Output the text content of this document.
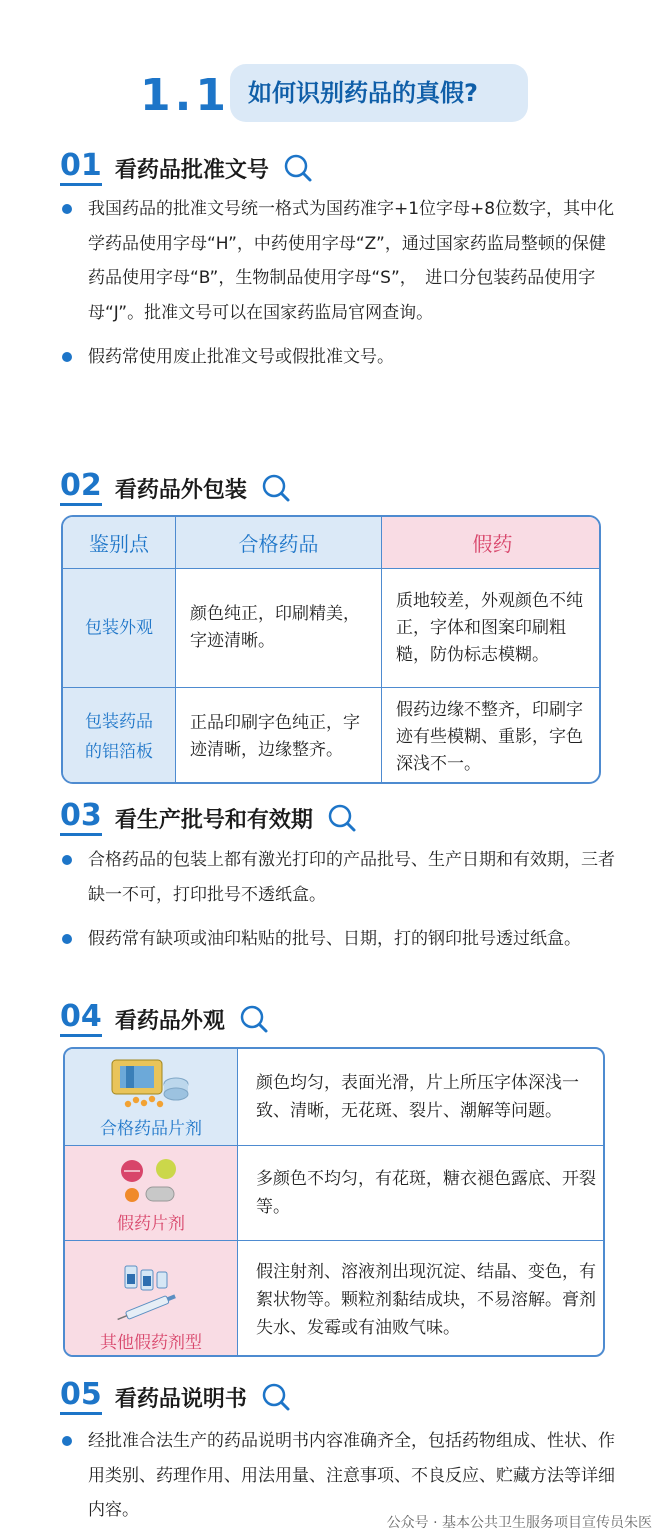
1.1 如何识别药品的真假?
01 看药品批准文号
我国药品的批准文号统一格式为国药准字+1位字母+8位数字，其中化学药品使用字母“H”，中药使用字母“Z”，通过国家药监局整顿的保健药品使用字母“B”，生物制品使用字母“S”，　进口分包装药品使用字母“J”。批准文号可以在国家药监局官网查询。
假药常使用废止批准文号或假批准文号。
02 看药品外包装
鉴别点	合格药品	假药
包装外观
颜色纯正，印刷精美，字迹清晰。
质地较差，外观颜色不纯正，字体和图案印刷粗糙，防伪标志模糊。
包装药品的铝箔板
正品印刷字色纯正，字迹清晰，边缘整齐。
假药边缘不整齐，印刷字迹有些模糊、重影，字色深浅不一。
03 看生产批号和有效期
合格药品的包装上都有激光打印的产品批号、生产日期和有效期，三者缺一不可，打印批号不透纸盒。
假药常有缺项或油印粘贴的批号、日期，打的钢印批号透过纸盒。
04 看药品外观
合格药品片剂
颜色均匀，表面光滑，片上所压字体深浅一致、清晰，无花斑、裂片、潮解等问题。
假药片剂
多颜色不均匀，有花斑，糖衣褪色露底、开裂等。
其他假药剂型
假注射剂、溶液剂出现沉淀、结晶、变色，有絮状物等。颗粒剂黏结成块，不易溶解。膏剂失水、发霉或有油败气味。
05 看药品说明书
经批准合法生产的药品说明书内容准确齐全，包括药物组成、性状、作用类别、药理作用、用法用量、注意事项、不良反应、贮藏方法等详细内容。
公众号 · 基本公共卫生服务项目宣传员朱医
